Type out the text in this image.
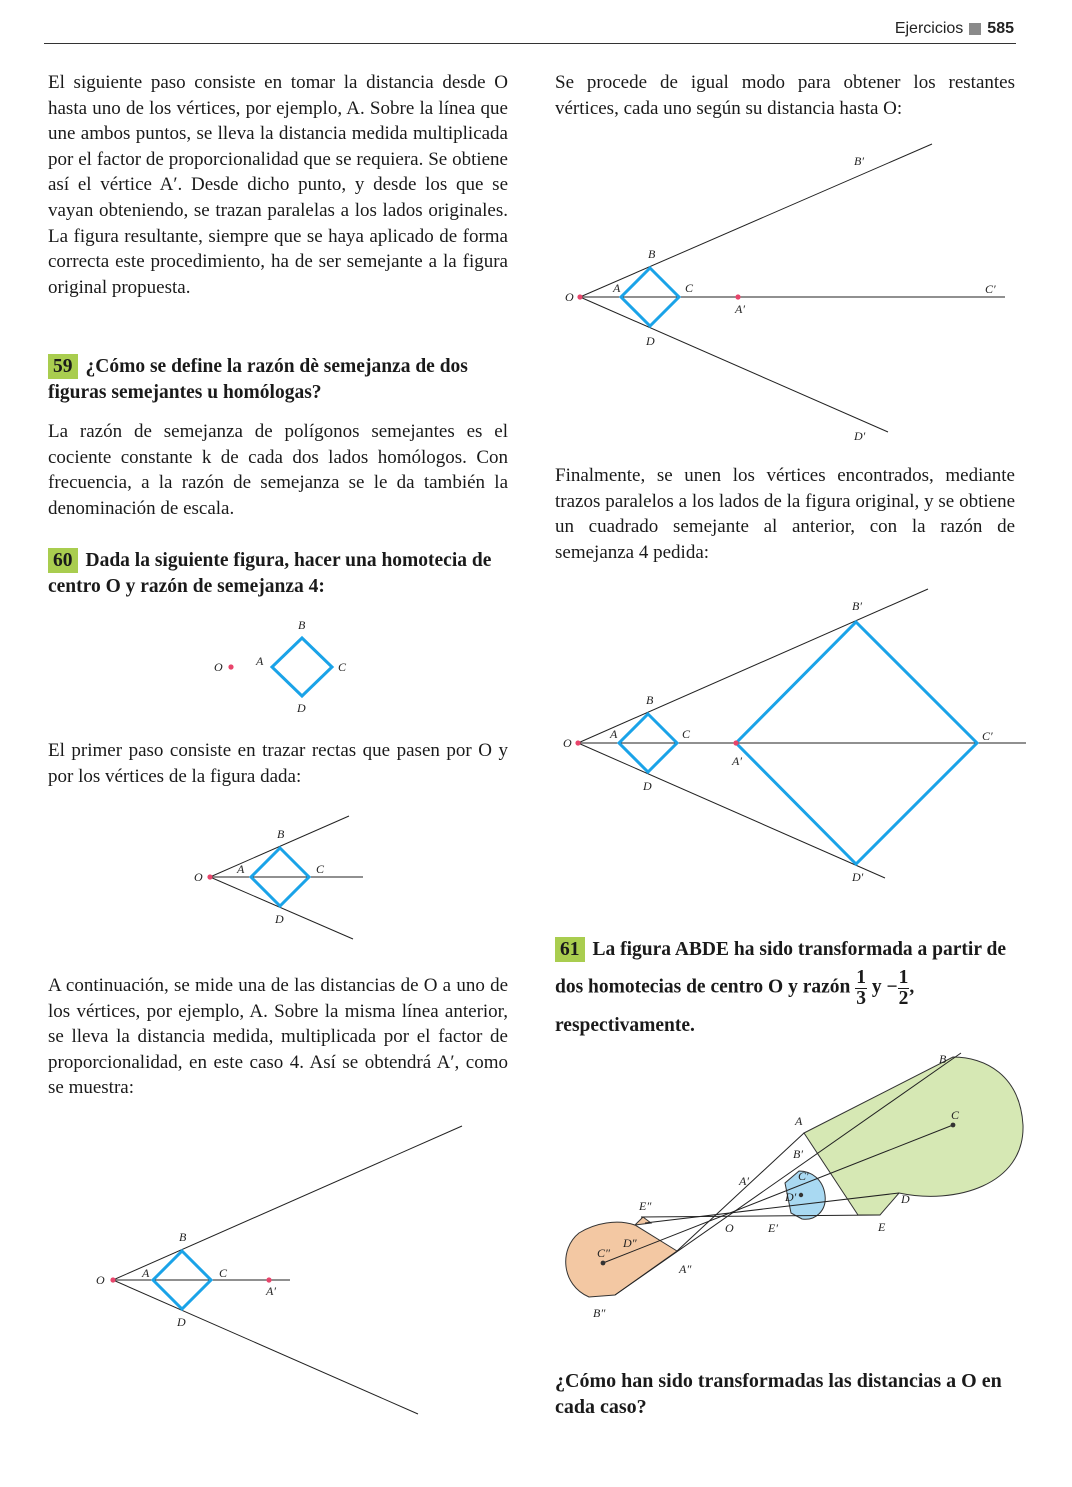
Ejercicios 585

El siguiente paso consiste en tomar la distancia desde O hasta uno de los vértices, por ejemplo, A. Sobre la línea que une ambos puntos, se lleva la distancia medida multiplicada por el factor de proporcionalidad que se requiera. Se obtiene así el vértice A′. Desde dicho punto, y desde los que se vayan obteniendo, se trazan paralelas a los lados originales. La figura resultante, siempre que se haya aplicado de forma correcta este procedimiento, ha de ser semejante a la figura original propuesta.

59 ¿Cómo se define la razón dè semejanza de dos figuras semejantes u homólogas?

La razón de semejanza de polígonos semejantes es el cociente constante k de cada dos lados homólogos. Con frecuencia, a la razón de semejanza se le da también la denominación de escala.

60 Dada la siguiente figura, hacer una homotecia de centro O y razón de semejanza 4:
O	A
B
C
D

El primer paso consiste en trazar rectas que pasen por O y por los vértices de la figura dada:

O
A
B
C
D

A continuación, se mide una de las distancias de O a uno de los vértices, por ejemplo, A. Sobre la misma línea anterior, se lleva la distancia medida, multiplicada por el factor de proporcionalidad, en este caso 4. Así se obtendrá A′, como se muestra:

O	A
B
C
D
A′

Se procede de igual modo para obtener los restantes vértices, cada uno según su distancia hasta O:

O
A
B
C
D
A′
B′
C′
D′

Finalmente, se unen los vértices encontrados, mediante trazos paralelos a los lados de la figura original, y se obtiene un cuadrado semejante al anterior, con la razón de semejanza 4 pedida:

O
A
B
C
D
A′
B′
C′
D′
61 La figura ABDE ha sido transformada a partir de dos homotecias de centro O y razón $\frac{1}{3}$ $y - \frac{1}{2}$ , respectivamente.
O
A
B
C
D
E
A′
B′
C′
D′
E′
A″
B″
C″
D″
E″
¿Cómo han sido transformadas las distancias a O en cada caso?
